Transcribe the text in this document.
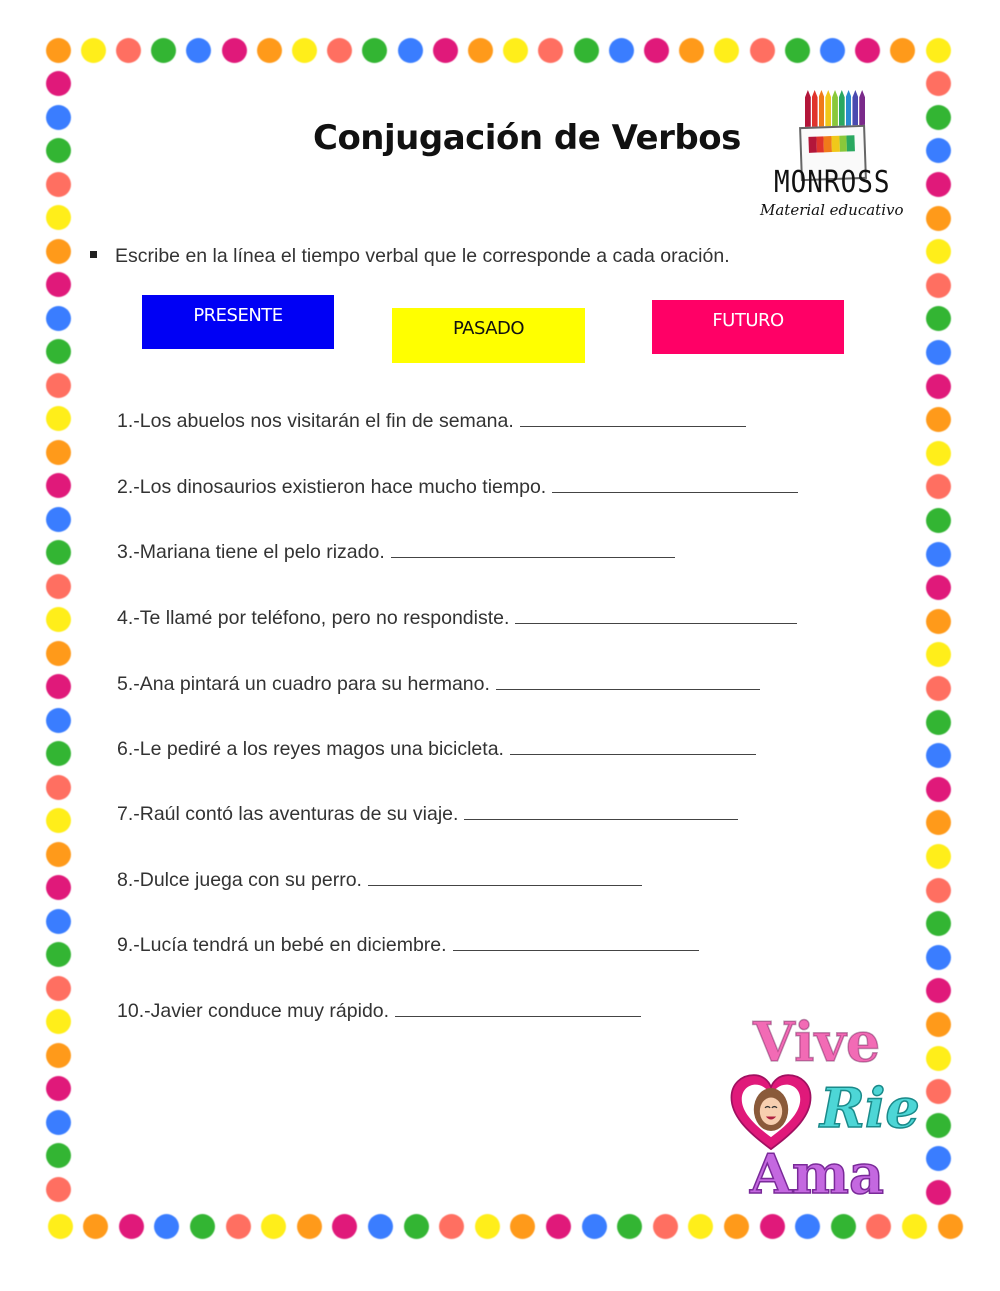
Conjugación de Verbos
MONROSS
Material educativo
Escribe en la línea el tiempo verbal que le corresponde a cada oración.
PRESENTE
PASADO	FUTURO
1.-Los abuelos nos visitarán el fin de semana.
2.-Los dinosaurios existieron hace mucho tiempo.
3.-Mariana tiene el pelo rizado.
4.-Te llamé por teléfono, pero no respondiste.
5.-Ana pintará un cuadro para su hermano.
6.-Le pediré a los reyes magos una bicicleta.
7.-Raúl contó las aventuras de su viaje.
8.-Dulce juega con su perro.
9.-Lucía tendrá un bebé en diciembre.
10.-Javier conduce muy rápido.	Vive
Rie
Ama
